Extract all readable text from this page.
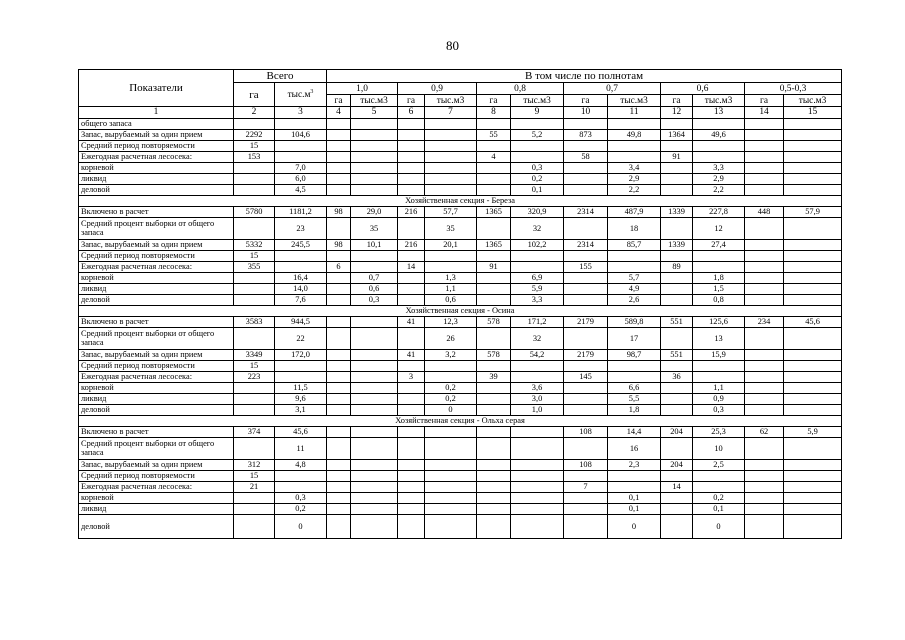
80
Показатели	Всего		В том числе по полнотам											
	га	$тыс.м^3$	1,0		0,9		0,8		0,7		0,6		0,5-0,3	
			га	тыс.м3	га	тыс.м3	га	тыс.м3	га	тыс.м3	га	тыс.м3	га	тыс.м3
1	2	3	4	5	6	7	8	9	10	11	12	13	14	15
общего запаса														
Запас, вырубаемый за один прием	2292	104,6					55	5,2	873	49,8	1364	49,6		
Средний период повторяемости	15													
Ежегодная расчетная лесосека:	153						4		58		91			
корневой		7,0						0,3		3,4		3,3		
ликвид		6,0						0,2		2,9		2,9		
деловой		4,5						0,1		2,2		2,2		
Хозяйственная секция - Береза														
Включено в расчет	5780	1181,2	98	29,0	216	57,7	1365	320,9	2314	487,9	1339	227,8	448	57,9
Средний процент выборки от общего запаса		23		35		35		32		18		12		
Запас, вырубаемый за один прием	5332	245,5	98	10,1	216	20,1	1365	102,2	2314	85,7	1339	27,4		
Средний период повторяемости	15													
Ежегодная расчетная лесосека:	355		6		14		91		155		89			
корневой		16,4		0,7		1,3		6,9		5,7		1,8		
ликвид		14,0		0,6		1,1		5,9		4,9		1,5		
деловой		7,6		0,3		0,6		3,3		2,6		0,8		
Хозяйственная секция - Осина														
Включено в расчет	3583	944,5			41	12,3	578	171,2	2179	589,8	551	125,6	234	45,6
Средний процент выборки от общего запаса		22				26		32		17		13		
Запас, вырубаемый за один прием	3349	172,0			41	3,2	578	54,2	2179	98,7	551	15,9		
Средний период повторяемости	15													
Ежегодная расчетная лесосека:	223				3		39		145		36			
корневой		11,5				0,2		3,6		6,6		1,1		
ликвид		9,6				0,2		3,0		5,5		0,9		
деловой		3,1				0		1,0		1,8		0,3		
Хозяйственная секция - Ольха серая														
Включено в расчет	374	45,6							108	14,4	204	25,3	62	5,9
Средний процент выборки от общего запаса		11								16		10		
Запас, вырубаемый за один прием	312	4,8							108	2,3	204	2,5		
Средний период повторяемости	15													
Ежегодная расчетная лесосека:	21								7		14			
корневой		0,3								0,1		0,2		
ликвид		0,2								0,1		0,1		
деловой		0								0		0		
